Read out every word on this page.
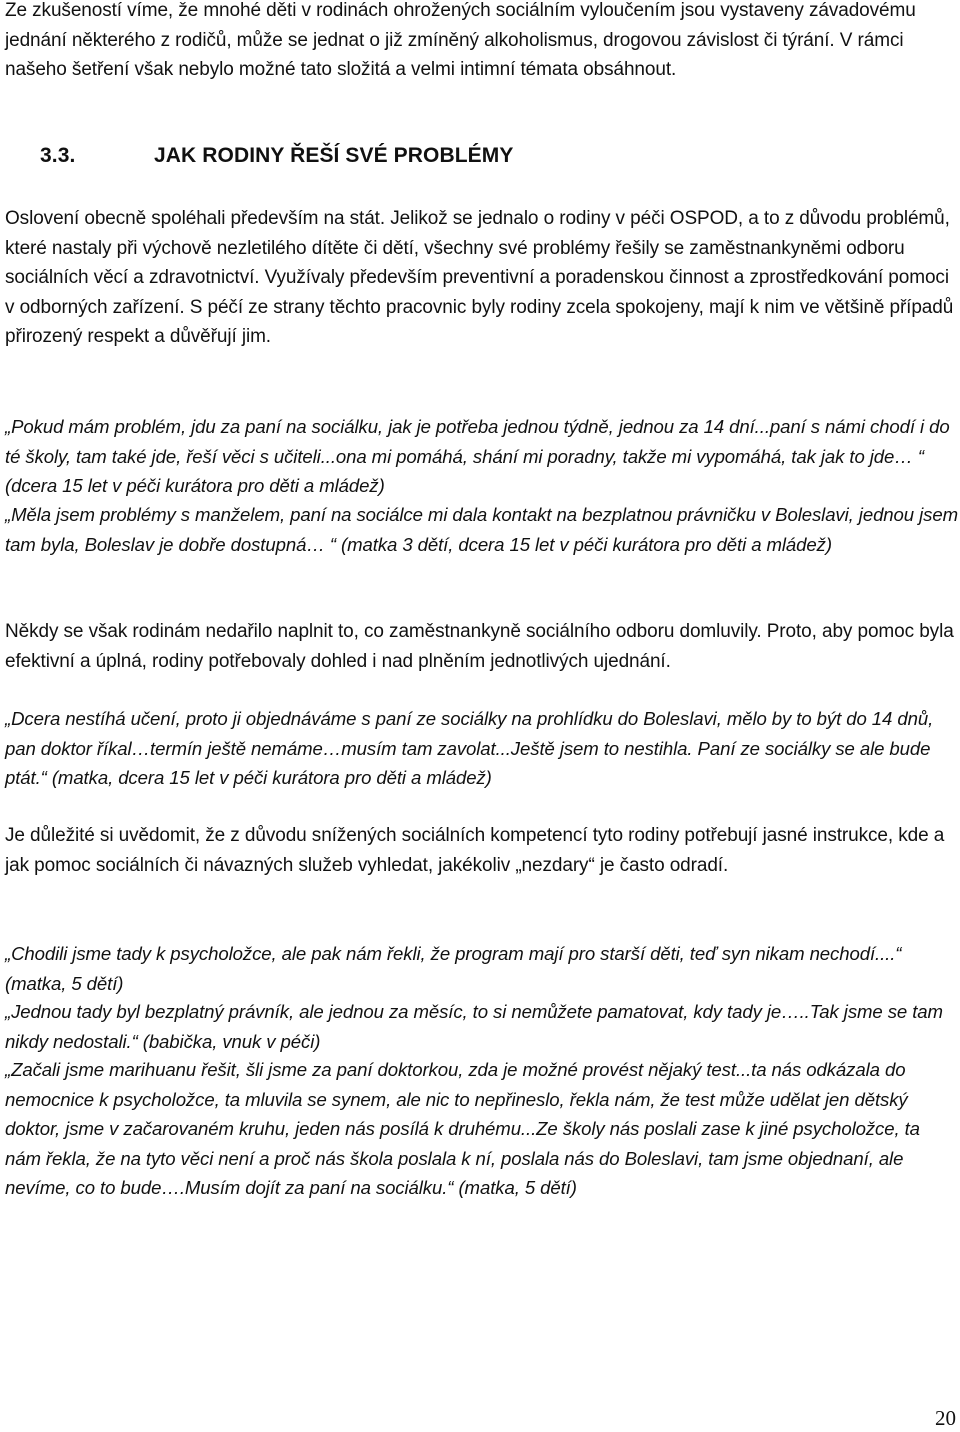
Ze zkušeností víme, že mnohé děti v rodinách ohrožených sociálním vyloučením jsou vystaveny závadovému jednání některého z rodičů, může se jednat o již zmíněný alkoholismus, drogovou závislost či týrání. V rámci našeho šetření však nebylo možné tato složitá a velmi intimní témata obsáhnout.

3.3.	JAK RODINY ŘEŠÍ SVÉ PROBLÉMY

Oslovení obecně spoléhali především na stát. Jelikož se jednalo o rodiny v péči OSPOD, a to z důvodu problémů, které nastaly při výchově nezletilého dítěte či dětí, všechny své problémy řešily se zaměstnankyněmi odboru sociálních věcí a zdravotnictví. Využívaly především preventivní a poradenskou činnost a zprostředkování pomoci v odborných zařízení. S péčí ze strany těchto pracovnic byly rodiny zcela spokojeny, mají k nim ve většině případů přirozený respekt a důvěřují jim.

„Pokud mám problém, jdu za paní na sociálku, jak je potřeba jednou týdně, jednou za 14 dní...paní s námi chodí i do té školy, tam také jde, řeší věci s učiteli...ona mi pomáhá, shání mi poradny, takže mi vypomáhá, tak jak to jde… “ (dcera 15 let v péči kurátora pro děti a mládež)

„Měla jsem problémy s manželem, paní na sociálce mi dala kontakt na bezplatnou právničku v Boleslavi, jednou jsem tam byla, Boleslav je dobře dostupná… “ (matka 3 dětí, dcera 15 let v péči kurátora pro děti a mládež)

Někdy se však rodinám nedařilo naplnit to, co zaměstnankyně sociálního odboru domluvily. Proto, aby pomoc byla efektivní a úplná, rodiny potřebovaly dohled i nad plněním jednotlivých ujednání.

„Dcera nestíhá učení, proto ji objednáváme s paní ze sociálky na prohlídku do Boleslavi, mělo by to být do 14 dnů, pan doktor říkal…termín ještě nemáme…musím tam zavolat...Ještě jsem to nestihla. Paní ze sociálky se ale bude ptát.“ (matka, dcera 15 let v péči kurátora pro děti a mládež)

Je důležité si uvědomit, že z důvodu snížených sociálních kompetencí tyto rodiny potřebují jasné instrukce, kde a jak pomoc sociálních či návazných služeb vyhledat, jakékoliv „nezdary“ je často odradí.

„Chodili jsme tady k psycholožce, ale pak nám řekli, že program mají pro starší děti, teď syn nikam nechodí....“ (matka, 5 dětí)

„Jednou tady byl bezplatný právník, ale jednou za měsíc, to si nemůžete pamatovat, kdy tady je…..Tak jsme se tam nikdy nedostali.“ (babička, vnuk v péči)

„Začali jsme marihuanu řešit, šli jsme za paní doktorkou, zda je možné provést nějaký test...ta nás odkázala do nemocnice k psycholožce, ta mluvila se synem, ale nic to nepřineslo, řekla nám, že test může udělat jen dětský doktor, jsme v začarovaném kruhu, jeden nás posílá k druhému...Ze školy nás poslali zase k jiné psycholožce, ta nám řekla, že na tyto věci není a proč nás škola poslala k ní, poslala nás do Boleslavi, tam jsme objednaní, ale nevíme, co to bude….Musím dojít za paní na sociálku.“ (matka, 5 dětí)

20
